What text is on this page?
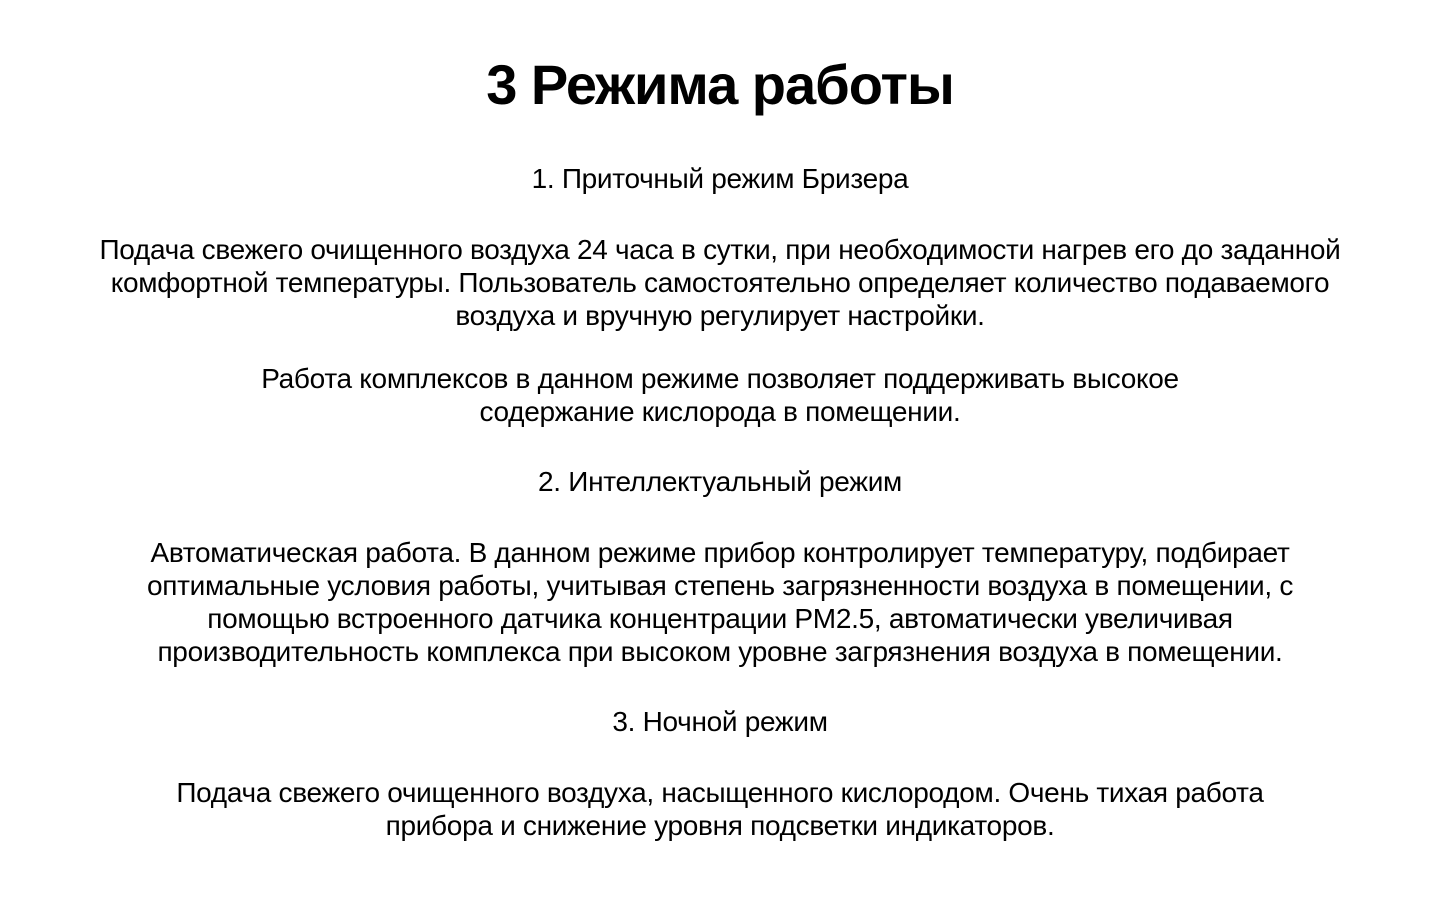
3 Режима работы
1. Приточный режим Бризера

Подача свежего очищенного воздуха 24 часа в сутки, при необходимости нагрев его до заданной комфортной температуры. Пользователь самостоятельно определяет количество подаваемого воздуха и вручную регулирует настройки.

Работа комплексов в данном режиме позволяет поддерживать высокое содержание кислорода в помещении.

2. Интеллектуальный режим

Автоматическая работа. В данном режиме прибор контролирует температуру, подбирает оптимальные условия работы, учитывая степень загрязненности воздуха в помещении, с помощью встроенного датчика концентрации PM2.5, автоматически увеличивая производительность комплекса при высоком уровне загрязнения воздуха в помещении.

3. Ночной режим

Подача свежего очищенного воздуха, насыщенного кислородом. Очень тихая работа прибора и снижение уровня подсветки индикаторов.
